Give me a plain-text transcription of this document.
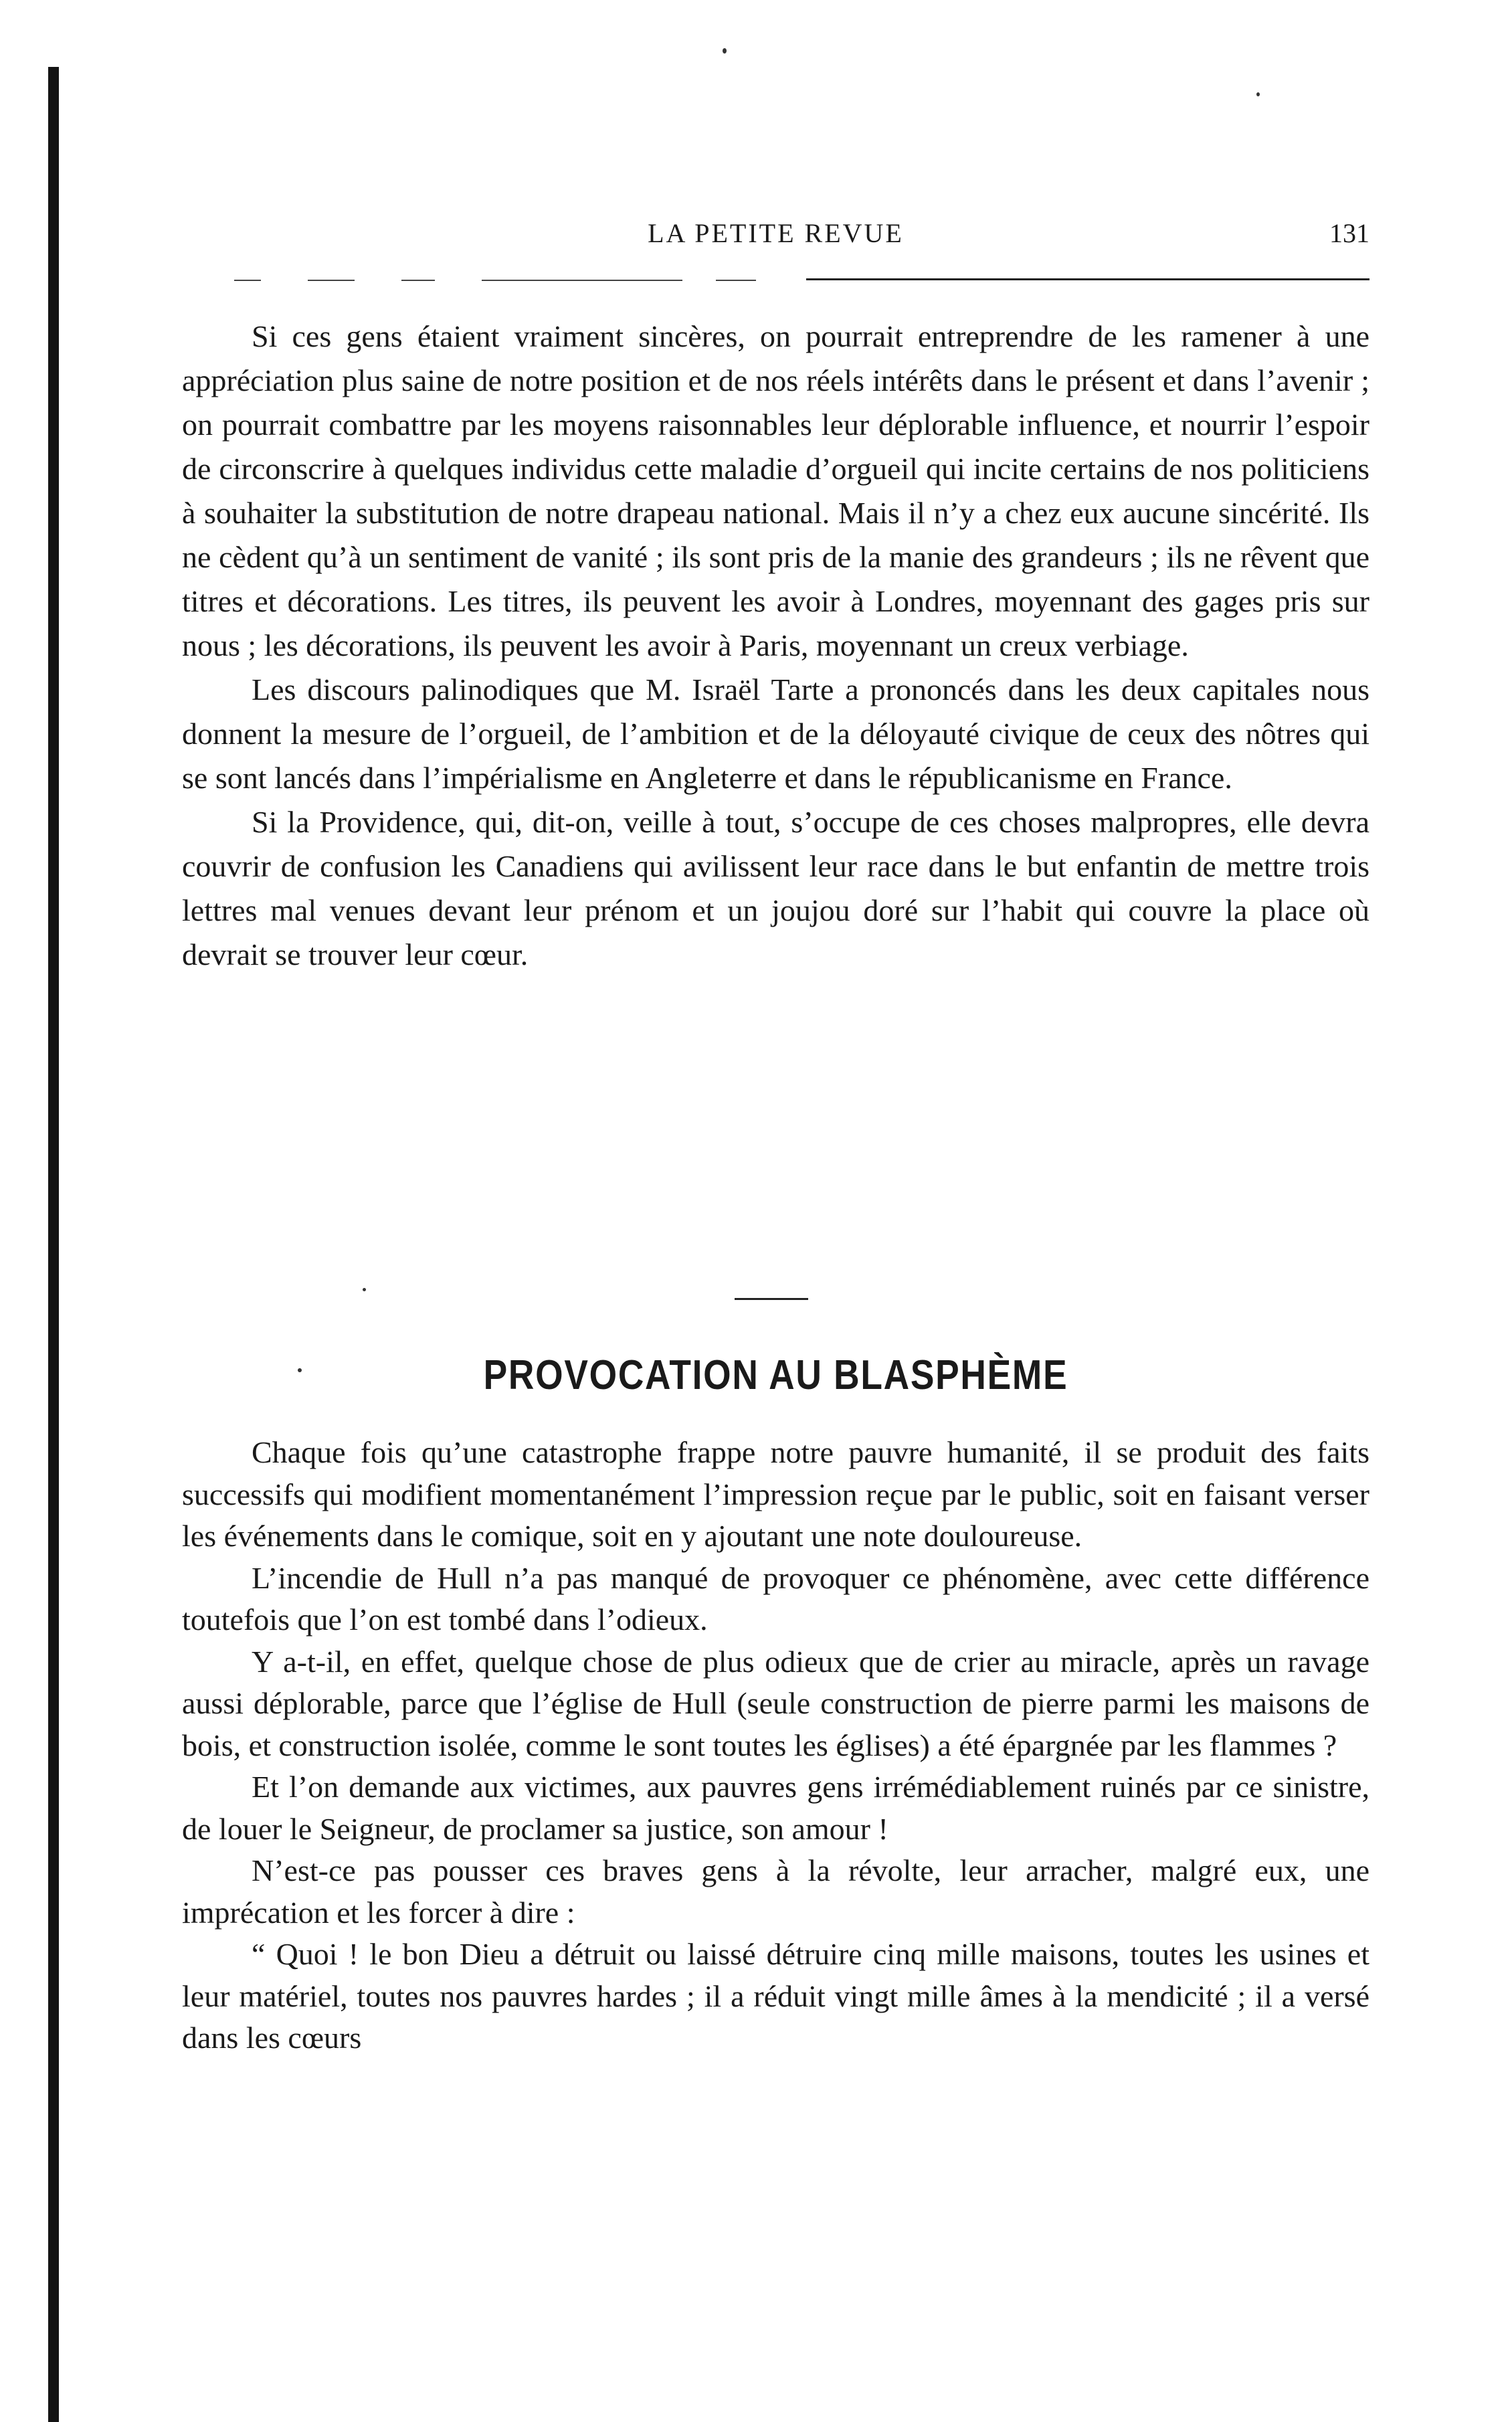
LA PETITE REVUE	131

Si ces gens étaient vraiment sincères, on pourrait entreprendre de les ramener à une appréciation plus saine de notre position et de nos réels intérêts dans le présent et dans l’avenir ; on pourrait combattre par les moyens raisonnables leur déplorable influence, et nourrir l’espoir de circonscrire à quelques individus cette maladie d’orgueil qui incite certains de nos politiciens à souhaiter la substitution de notre drapeau national. Mais il n’y a chez eux aucune sincérité. Ils ne cèdent qu’à un sentiment de vanité ; ils sont pris de la manie des grandeurs ; ils ne rêvent que titres et décorations. Les titres, ils peuvent les avoir à Londres, moyennant des gages pris sur nous ; les décorations, ils peuvent les avoir à Paris, moyennant un creux verbiage.

Les discours palinodiques que M. Israël Tarte a prononcés dans les deux capitales nous donnent la mesure de l’orgueil, de l’ambition et de la déloyauté civique de ceux des nôtres qui se sont lancés dans l’impérialisme en Angleterre et dans le républicanisme en France.

Si la Providence, qui, dit-on, veille à tout, s’occupe de ces choses malpropres, elle devra couvrir de confusion les Canadiens qui avilissent leur race dans le but enfantin de mettre trois lettres mal venues devant leur prénom et un joujou doré sur l’habit qui couvre la place où devrait se trouver leur cœur.

PROVOCATION AU BLASPHÈME

Chaque fois qu’une catastrophe frappe notre pauvre humanité, il se produit des faits successifs qui modifient momentanément l’impression reçue par le public, soit en faisant verser les événements dans le comique, soit en y ajoutant une note douloureuse.

L’incendie de Hull n’a pas manqué de provoquer ce phénomène, avec cette différence toutefois que l’on est tombé dans l’odieux.

Y a-t-il, en effet, quelque chose de plus odieux que de crier au miracle, après un ravage aussi déplorable, parce que l’église de Hull (seule construction de pierre parmi les maisons de bois, et construction isolée, comme le sont toutes les églises) a été épargnée par les flammes ?

Et l’on demande aux victimes, aux pauvres gens irrémédiablement ruinés par ce sinistre, de louer le Seigneur, de proclamer sa justice, son amour !

N’est-ce pas pousser ces braves gens à la révolte, leur arracher, malgré eux, une imprécation et les forcer à dire :

“ Quoi ! le bon Dieu a détruit ou laissé détruire cinq mille maisons, toutes les usines et leur matériel, toutes nos pauvres hardes ; il a réduit vingt mille âmes à la mendicité ; il a versé dans les cœurs
